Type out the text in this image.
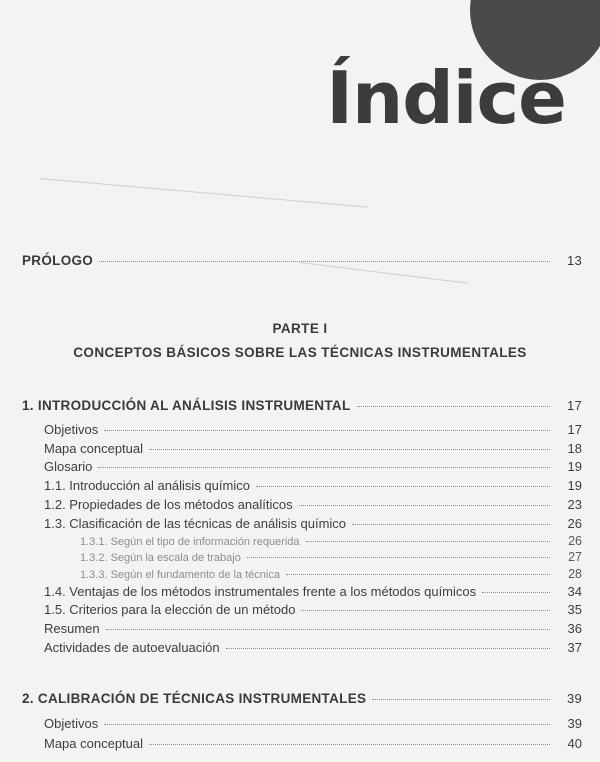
Índice
PRÓLOGO	13
PARTE I
CONCEPTOS BÁSICOS SOBRE LAS TÉCNICAS INSTRUMENTALES
1. INTRODUCCIÓN AL ANÁLISIS INSTRUMENTAL	17
Objetivos	17
Mapa conceptual	18
Glosario	19
1.1. Introducción al análisis químico	19
1.2. Propiedades de los métodos analíticos	23
1.3. Clasificación de las técnicas de análisis químico	26
1.3.1. Según el tipo de información requerida	26
1.3.2. Según la escala de trabajo	27
1.3.3. Según el fundamento de la técnica	28
1.4. Ventajas de los métodos instrumentales frente a los métodos químicos	34
1.5. Criterios para la elección de un método	35
Resumen	36
Actividades de autoevaluación	37
2. CALIBRACIÓN DE TÉCNICAS INSTRUMENTALES	39
Objetivos	39
Mapa conceptual	40
